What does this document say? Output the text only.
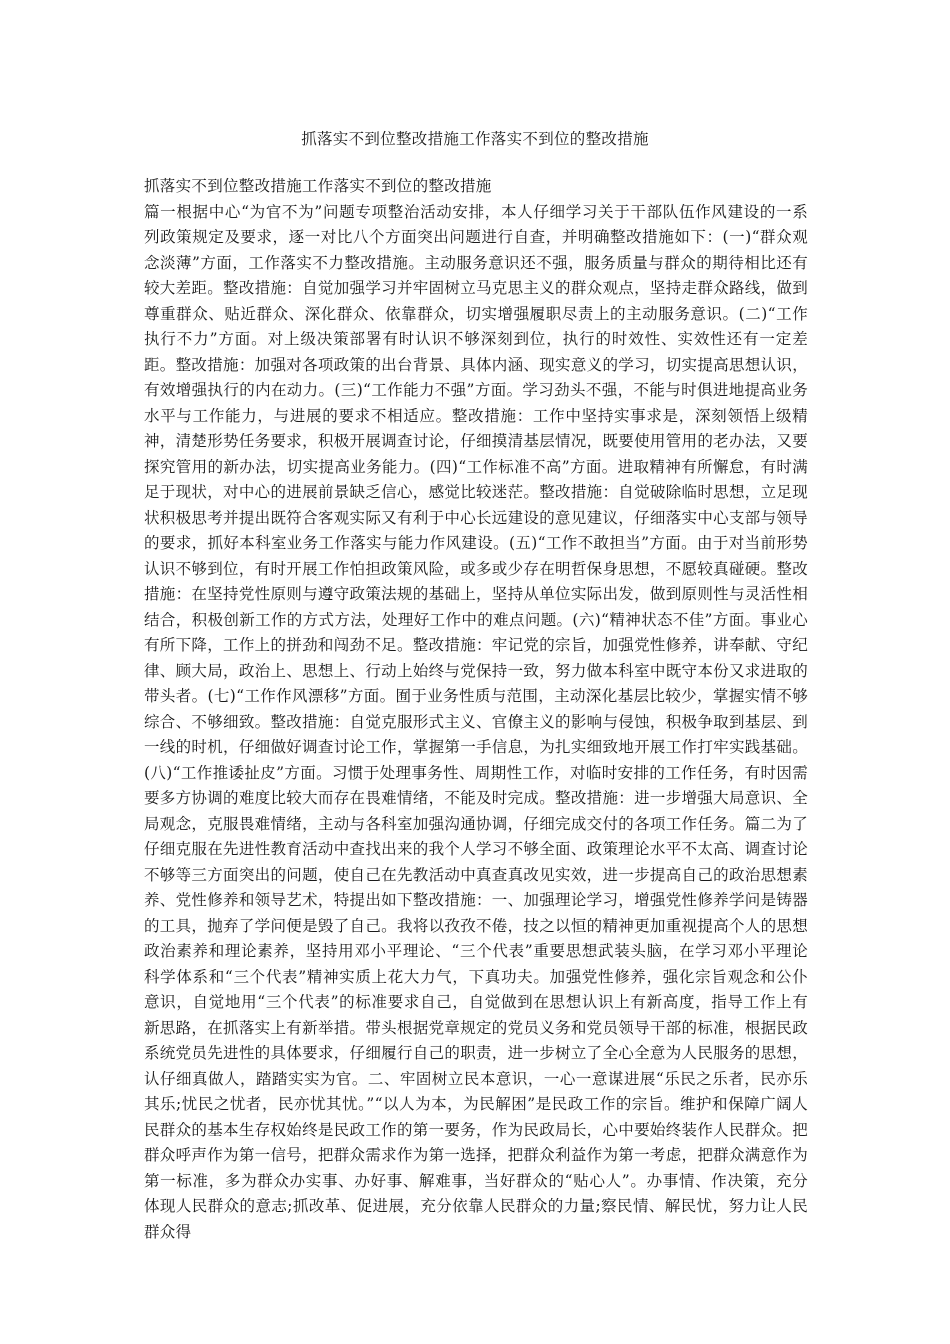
抓落实不到位整改措施工作落实不到位的整改措施
抓落实不到位整改措施工作落实不到位的整改措施

篇一根据中心“为官不为”问题专项整治活动安排，本人仔细学习关于干部队伍作风建设的一系列政策规定及要求，逐一对比八个方面突出问题进行自查，并明确整改措施如下：(一)“群众观念淡薄”方面，工作落实不力整改措施。主动服务意识还不强，服务质量与群众的期待相比还有较大差距。整改措施：自觉加强学习并牢固树立马克思主义的群众观点，坚持走群众路线，做到尊重群众、贴近群众、深化群众、依靠群众，切实增强履职尽责上的主动服务意识。(二)“工作执行不力”方面。对上级决策部署有时认识不够深刻到位，执行的时效性、实效性还有一定差距。整改措施：加强对各项政策的出台背景、具体内涵、现实意义的学习，切实提高思想认识，有效增强执行的内在动力。(三)“工作能力不强”方面。学习劲头不强，不能与时俱进地提高业务水平与工作能力，与进展的要求不相适应。整改措施：工作中坚持实事求是，深刻领悟上级精神，清楚形势任务要求，积极开展调查讨论，仔细摸清基层情况，既要使用管用的老办法，又要探究管用的新办法，切实提高业务能力。(四)“工作标准不高”方面。进取精神有所懈怠，有时满足于现状，对中心的进展前景缺乏信心，感觉比较迷茫。整改措施：自觉破除临时思想，立足现状积极思考并提出既符合客观实际又有利于中心长远建设的意见建议，仔细落实中心支部与领导的要求，抓好本科室业务工作落实与能力作风建设。(五)“工作不敢担当”方面。由于对当前形势认识不够到位，有时开展工作怕担政策风险，或多或少存在明哲保身思想，不愿较真碰硬。整改措施：在坚持党性原则与遵守政策法规的基础上，坚持从单位实际出发，做到原则性与灵活性相结合，积极创新工作的方式方法，处理好工作中的难点问题。(六)“精神状态不佳”方面。事业心有所下降，工作上的拼劲和闯劲不足。整改措施：牢记党的宗旨，加强党性修养，讲奉献、守纪律、顾大局，政治上、思想上、行动上始终与党保持一致，努力做本科室中既守本份又求进取的带头者。(七)“工作作风漂移”方面。囿于业务性质与范围，主动深化基层比较少，掌握实情不够综合、不够细致。整改措施：自觉克服形式主义、官僚主义的影响与侵蚀，积极争取到基层、到一线的时机，仔细做好调查讨论工作，掌握第一手信息，为扎实细致地开展工作打牢实践基础。(八)“工作推诿扯皮”方面。习惯于处理事务性、周期性工作，对临时安排的工作任务，有时因需要多方协调的难度比较大而存在畏难情绪，不能及时完成。整改措施：进一步增强大局意识、全局观念，克服畏难情绪，主动与各科室加强沟通协调，仔细完成交付的各项工作任务。篇二为了仔细克服在先进性教育活动中查找出来的我个人学习不够全面、政策理论水平不太高、调查讨论不够等三方面突出的问题，使自己在先教活动中真查真改见实效，进一步提高自己的政治思想素养、党性修养和领导艺术，特提出如下整改措施：一、加强理论学习，增强党性修养学问是铸器的工具，抛弃了学问便是毁了自己。我将以孜孜不倦，技之以恒的精神更加重视提高个人的思想政治素养和理论素养，坚持用邓小平理论、“三个代表”重要思想武装头脑，在学习邓小平理论科学体系和“三个代表”精神实质上花大力气，下真功夫。加强党性修养，强化宗旨观念和公仆意识，自觉地用“三个代表”的标准要求自己，自觉做到在思想认识上有新高度，指导工作上有新思路，在抓落实上有新举措。带头根据党章规定的党员义务和党员领导干部的标准，根据民政系统党员先进性的具体要求，仔细履行自己的职责，进一步树立了全心全意为人民服务的思想，认仔细真做人，踏踏实实为官。二、牢固树立民本意识，一心一意谋进展“乐民之乐者，民亦乐其乐;忧民之忧者，民亦忧其忧。”“以人为本，为民解困”是民政工作的宗旨。维护和保障广阔人民群众的基本生存权始终是民政工作的第一要务，作为民政局长，心中要始终装作人民群众。把群众呼声作为第一信号，把群众需求作为第一选择，把群众利益作为第一考虑，把群众满意作为第一标准，多为群众办实事、办好事、解难事，当好群众的“贴心人”。办事情、作决策，充分体现人民群众的意志;抓改革、促进展，充分依靠人民群众的力量;察民情、解民忧，努力让人民群众得
